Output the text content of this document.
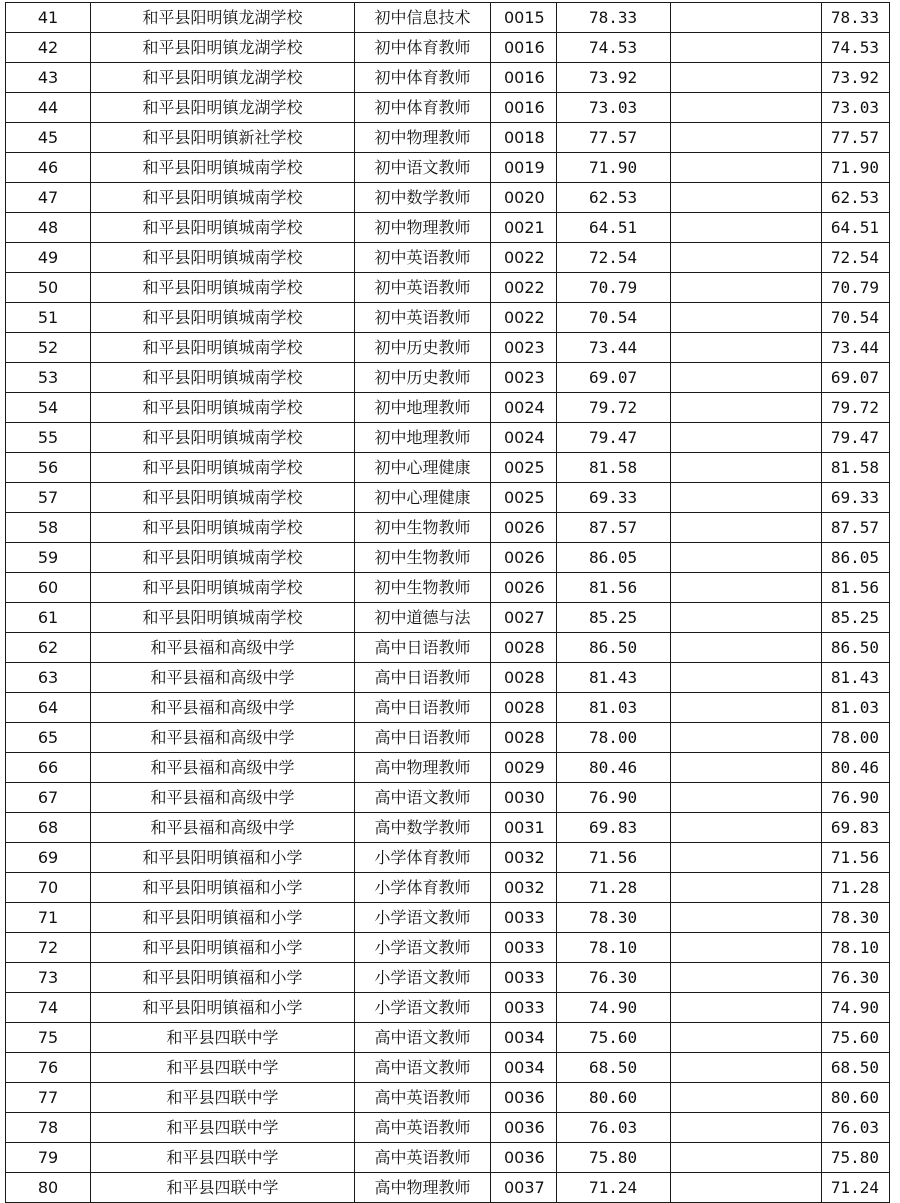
41	和平县阳明镇龙湖学校	初中信息技术	0015	78.33		78.33
42	和平县阳明镇龙湖学校	初中体育教师	0016	74.53		74.53
43	和平县阳明镇龙湖学校	初中体育教师	0016	73.92		73.92
44	和平县阳明镇龙湖学校	初中体育教师	0016	73.03		73.03
45	和平县阳明镇新社学校	初中物理教师	0018	77.57		77.57
46	和平县阳明镇城南学校	初中语文教师	0019	71.90		71.90
47	和平县阳明镇城南学校	初中数学教师	0020	62.53		62.53
48	和平县阳明镇城南学校	初中物理教师	0021	64.51		64.51
49	和平县阳明镇城南学校	初中英语教师	0022	72.54		72.54
50	和平县阳明镇城南学校	初中英语教师	0022	70.79		70.79
51	和平县阳明镇城南学校	初中英语教师	0022	70.54		70.54
52	和平县阳明镇城南学校	初中历史教师	0023	73.44		73.44
53	和平县阳明镇城南学校	初中历史教师	0023	69.07		69.07
54	和平县阳明镇城南学校	初中地理教师	0024	79.72		79.72
55	和平县阳明镇城南学校	初中地理教师	0024	79.47		79.47
56	和平县阳明镇城南学校	初中心理健康	0025	81.58		81.58
57	和平县阳明镇城南学校	初中心理健康	0025	69.33		69.33
58	和平县阳明镇城南学校	初中生物教师	0026	87.57		87.57
59	和平县阳明镇城南学校	初中生物教师	0026	86.05		86.05
60	和平县阳明镇城南学校	初中生物教师	0026	81.56		81.56
61	和平县阳明镇城南学校	初中道德与法	0027	85.25		85.25
62	和平县福和高级中学	高中日语教师	0028	86.50		86.50
63	和平县福和高级中学	高中日语教师	0028	81.43		81.43
64	和平县福和高级中学	高中日语教师	0028	81.03		81.03
65	和平县福和高级中学	高中日语教师	0028	78.00		78.00
66	和平县福和高级中学	高中物理教师	0029	80.46		80.46
67	和平县福和高级中学	高中语文教师	0030	76.90		76.90
68	和平县福和高级中学	高中数学教师	0031	69.83		69.83
69	和平县阳明镇福和小学	小学体育教师	0032	71.56		71.56
70	和平县阳明镇福和小学	小学体育教师	0032	71.28		71.28
71	和平县阳明镇福和小学	小学语文教师	0033	78.30		78.30
72	和平县阳明镇福和小学	小学语文教师	0033	78.10		78.10
73	和平县阳明镇福和小学	小学语文教师	0033	76.30		76.30
74	和平县阳明镇福和小学	小学语文教师	0033	74.90		74.90
75	和平县四联中学	高中语文教师	0034	75.60		75.60
76	和平县四联中学	高中语文教师	0034	68.50		68.50
77	和平县四联中学	高中英语教师	0036	80.60		80.60
78	和平县四联中学	高中英语教师	0036	76.03		76.03
79	和平县四联中学	高中英语教师	0036	75.80		75.80
80	和平县四联中学	高中物理教师	0037	71.24		71.24
